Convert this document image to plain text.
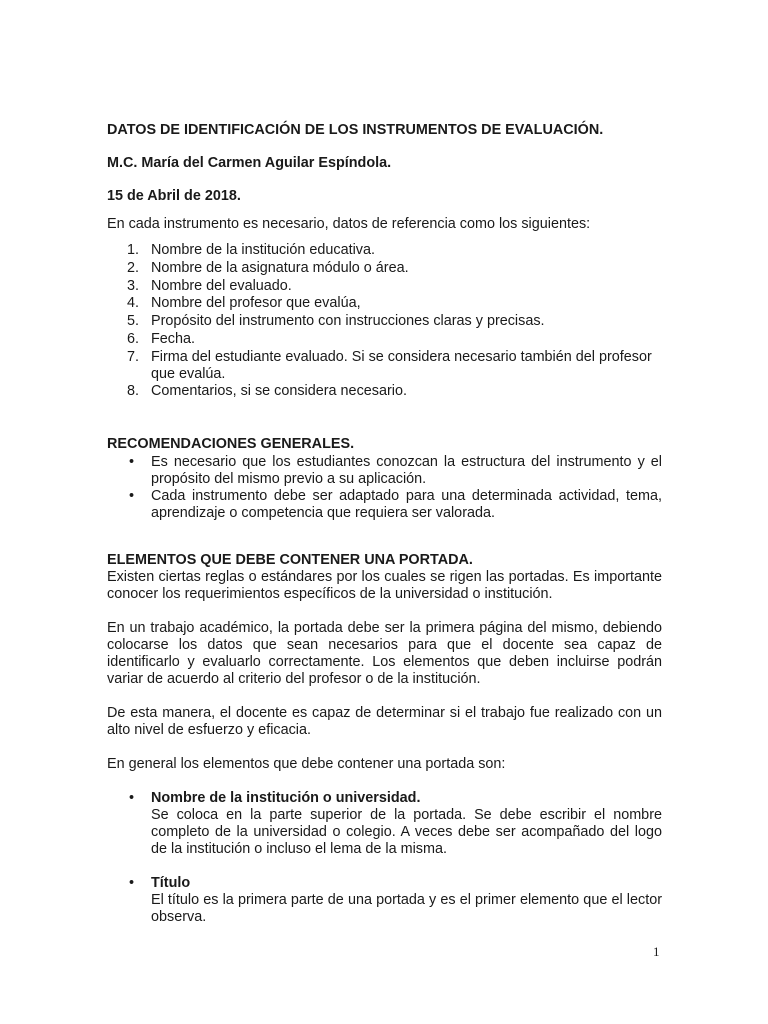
DATOS DE IDENTIFICACIÓN DE LOS INSTRUMENTOS DE EVALUACIÓN.

M.C. María del Carmen Aguilar Espíndola.

15 de Abril de 2018.

En cada instrumento es necesario, datos de referencia como los siguientes:

1. Nombre de la institución educativa.
2. Nombre de la asignatura módulo o área.
3. Nombre del evaluado.
4. Nombre del profesor que evalúa,
5. Propósito del instrumento con instrucciones claras y precisas.
6. Fecha.
7. Firma del estudiante evaluado. Si se considera necesario también del profesor que evalúa.
8. Comentarios, si se considera necesario.

RECOMENDACIONES GENERALES.

• Es necesario que los estudiantes conozcan la estructura del instrumento y el propósito del mismo previo a su aplicación.
• Cada instrumento debe ser adaptado para una determinada actividad, tema, aprendizaje o competencia que requiera ser valorada.

ELEMENTOS QUE DEBE CONTENER UNA PORTADA.

Existen ciertas reglas o estándares por los cuales se rigen las portadas. Es importante conocer los requerimientos específicos de la universidad o institución.

En un trabajo académico, la portada debe ser la primera página del mismo, debiendo colocarse los datos que sean necesarios para que el docente sea capaz de identificarlo y evaluarlo correctamente. Los elementos que deben incluirse podrán variar de acuerdo al criterio del profesor o de la institución.

De esta manera, el docente es capaz de determinar si el trabajo fue realizado con un alto nivel de esfuerzo y eficacia.

En general los elementos que debe contener una portada son:

• Nombre de la institución o universidad.
Se coloca en la parte superior de la portada. Se debe escribir el nombre completo de la universidad o colegio. A veces debe ser acompañado del logo de la institución o incluso el lema de la misma.
• Título
El título es la primera parte de una portada y es el primer elemento que el lector observa.
1
